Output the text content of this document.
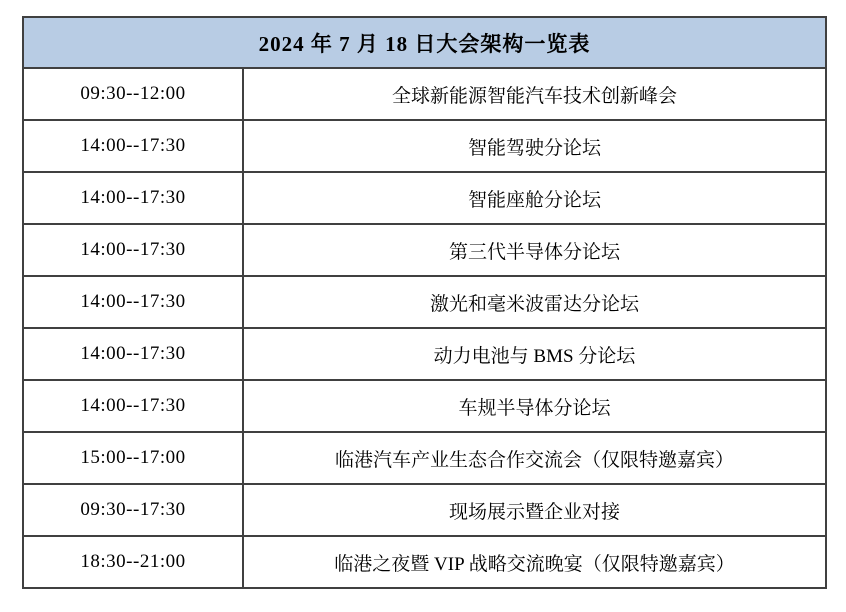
2024 年 7 月 18 日大会架构一览表	
09:30--12:00	全球新能源智能汽车技术创新峰会
14:00--17:30	智能驾驶分论坛
14:00--17:30	智能座舱分论坛
14:00--17:30	第三代半导体分论坛
14:00--17:30	激光和毫米波雷达分论坛
14:00--17:30	动力电池与 BMS 分论坛
14:00--17:30	车规半导体分论坛
15:00--17:00	临港汽车产业生态合作交流会（仅限特邀嘉宾）
09:30--17:30	现场展示暨企业对接
18:30--21:00	临港之夜暨 VIP 战略交流晚宴（仅限特邀嘉宾）
